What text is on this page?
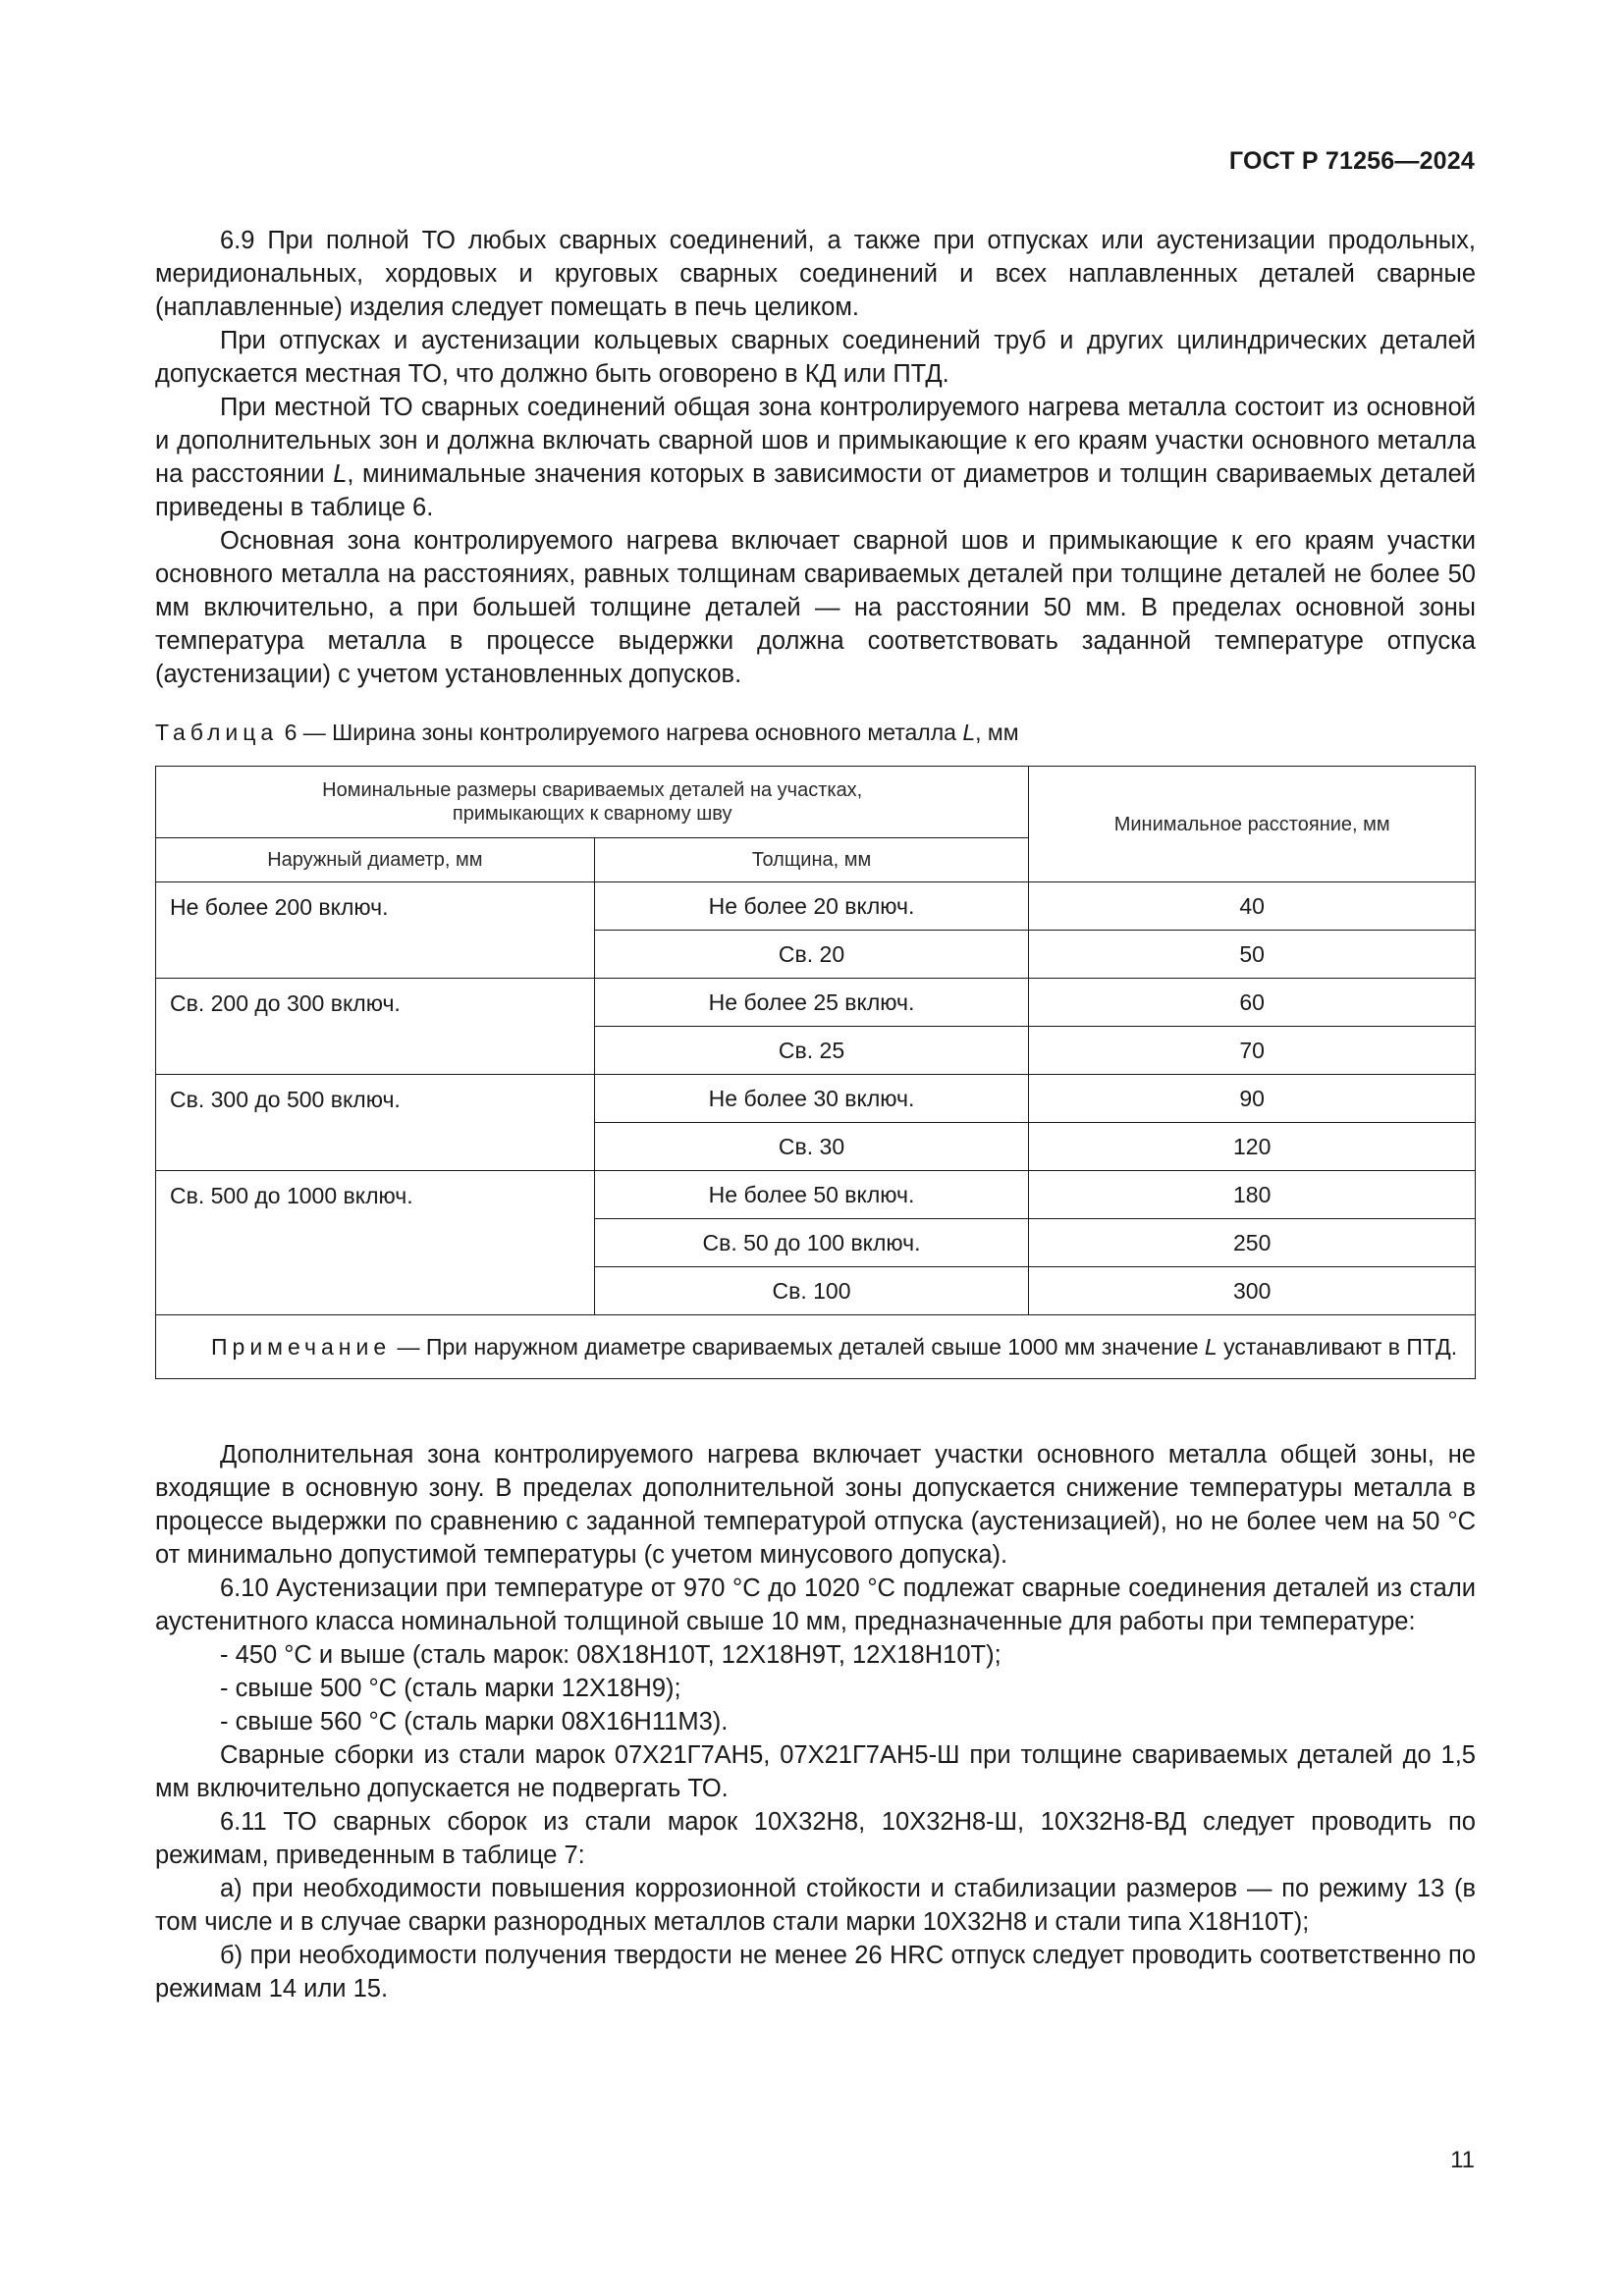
ГОСТ Р 71256—2024

6.9 При полной ТО любых сварных соединений, а также при отпусках или аустенизации продольных, меридиональных, хордовых и круговых сварных соединений и всех наплавленных деталей сварные (наплавленные) изделия следует помещать в печь целиком.

При отпусках и аустенизации кольцевых сварных соединений труб и других цилиндрических деталей допускается местная ТО, что должно быть оговорено в КД или ПТД.

При местной ТО сварных соединений общая зона контролируемого нагрева металла состоит из основной и дополнительных зон и должна включать сварной шов и примыкающие к его краям участки основного металла на расстоянии L, минимальные значения которых в зависимости от диаметров и толщин свариваемых деталей приведены в таблице 6.

Основная зона контролируемого нагрева включает сварной шов и примыкающие к его краям участки основного металла на расстояниях, равных толщинам свариваемых деталей при толщине деталей не более 50 мм включительно, а при большей толщине деталей — на расстоянии 50 мм. В пределах основной зоны температура металла в процессе выдержки должна соответствовать заданной температуре отпуска (аустенизации) с учетом установленных допусков.

Таблица 6 — Ширина зоны контролируемого нагрева основного металла L, мм
Номинальные размеры свариваемых деталей на участках, примыкающих к сварному шву		Минимальное расстояние, мм
Наружный диаметр, мм	Толщина, мм	
Не более 200 включ.	Не более 20 включ.	40
	Св. 20	50
Св. 200 до 300 включ.	Не более 25 включ.	60
	Св. 25	70
Св. 300 до 500 включ.	Не более 30 включ.	90
	Св. 30	120
Св. 500 до 1000 включ.	Не более 50 включ.	180
	Св. 50 до 100 включ.	250
	Св. 100	300
Примечание — При наружном диаметре свариваемых деталей свыше 1000 мм значение L устанавливают в ПТД.		

Дополнительная зона контролируемого нагрева включает участки основного металла общей зоны, не входящие в основную зону. В пределах дополнительной зоны допускается снижение температуры металла в процессе выдержки по сравнению с заданной температурой отпуска (аустенизацией), но не более чем на 50 °С от минимально допустимой температуры (с учетом минусового допуска).

6.10 Аустенизации при температуре от 970 °С до 1020 °С подлежат сварные соединения деталей из стали аустенитного класса номинальной толщиной свыше 10 мм, предназначенные для работы при температуре:

- 450 °С и выше (сталь марок: 08Х18Н10Т, 12Х18Н9Т, 12Х18Н10Т);

- свыше 500 °С (сталь марки 12Х18Н9);

- свыше 560 °С (сталь марки 08Х16Н11М3).

Сварные сборки из стали марок 07Х21Г7АН5, 07Х21Г7АН5-Ш при толщине свариваемых деталей до 1,5 мм включительно допускается не подвергать ТО.

6.11 ТО сварных сборок из стали марок 10Х32Н8, 10Х32Н8-Ш, 10Х32Н8-ВД следует проводить по режимам, приведенным в таблице 7:

а) при необходимости повышения коррозионной стойкости и стабилизации размеров — по режиму 13 (в том числе и в случае сварки разнородных металлов стали марки 10Х32Н8 и стали типа Х18Н10Т);

б) при необходимости получения твердости не менее 26 HRC отпуск следует проводить соответственно по режимам 14 или 15.

11
